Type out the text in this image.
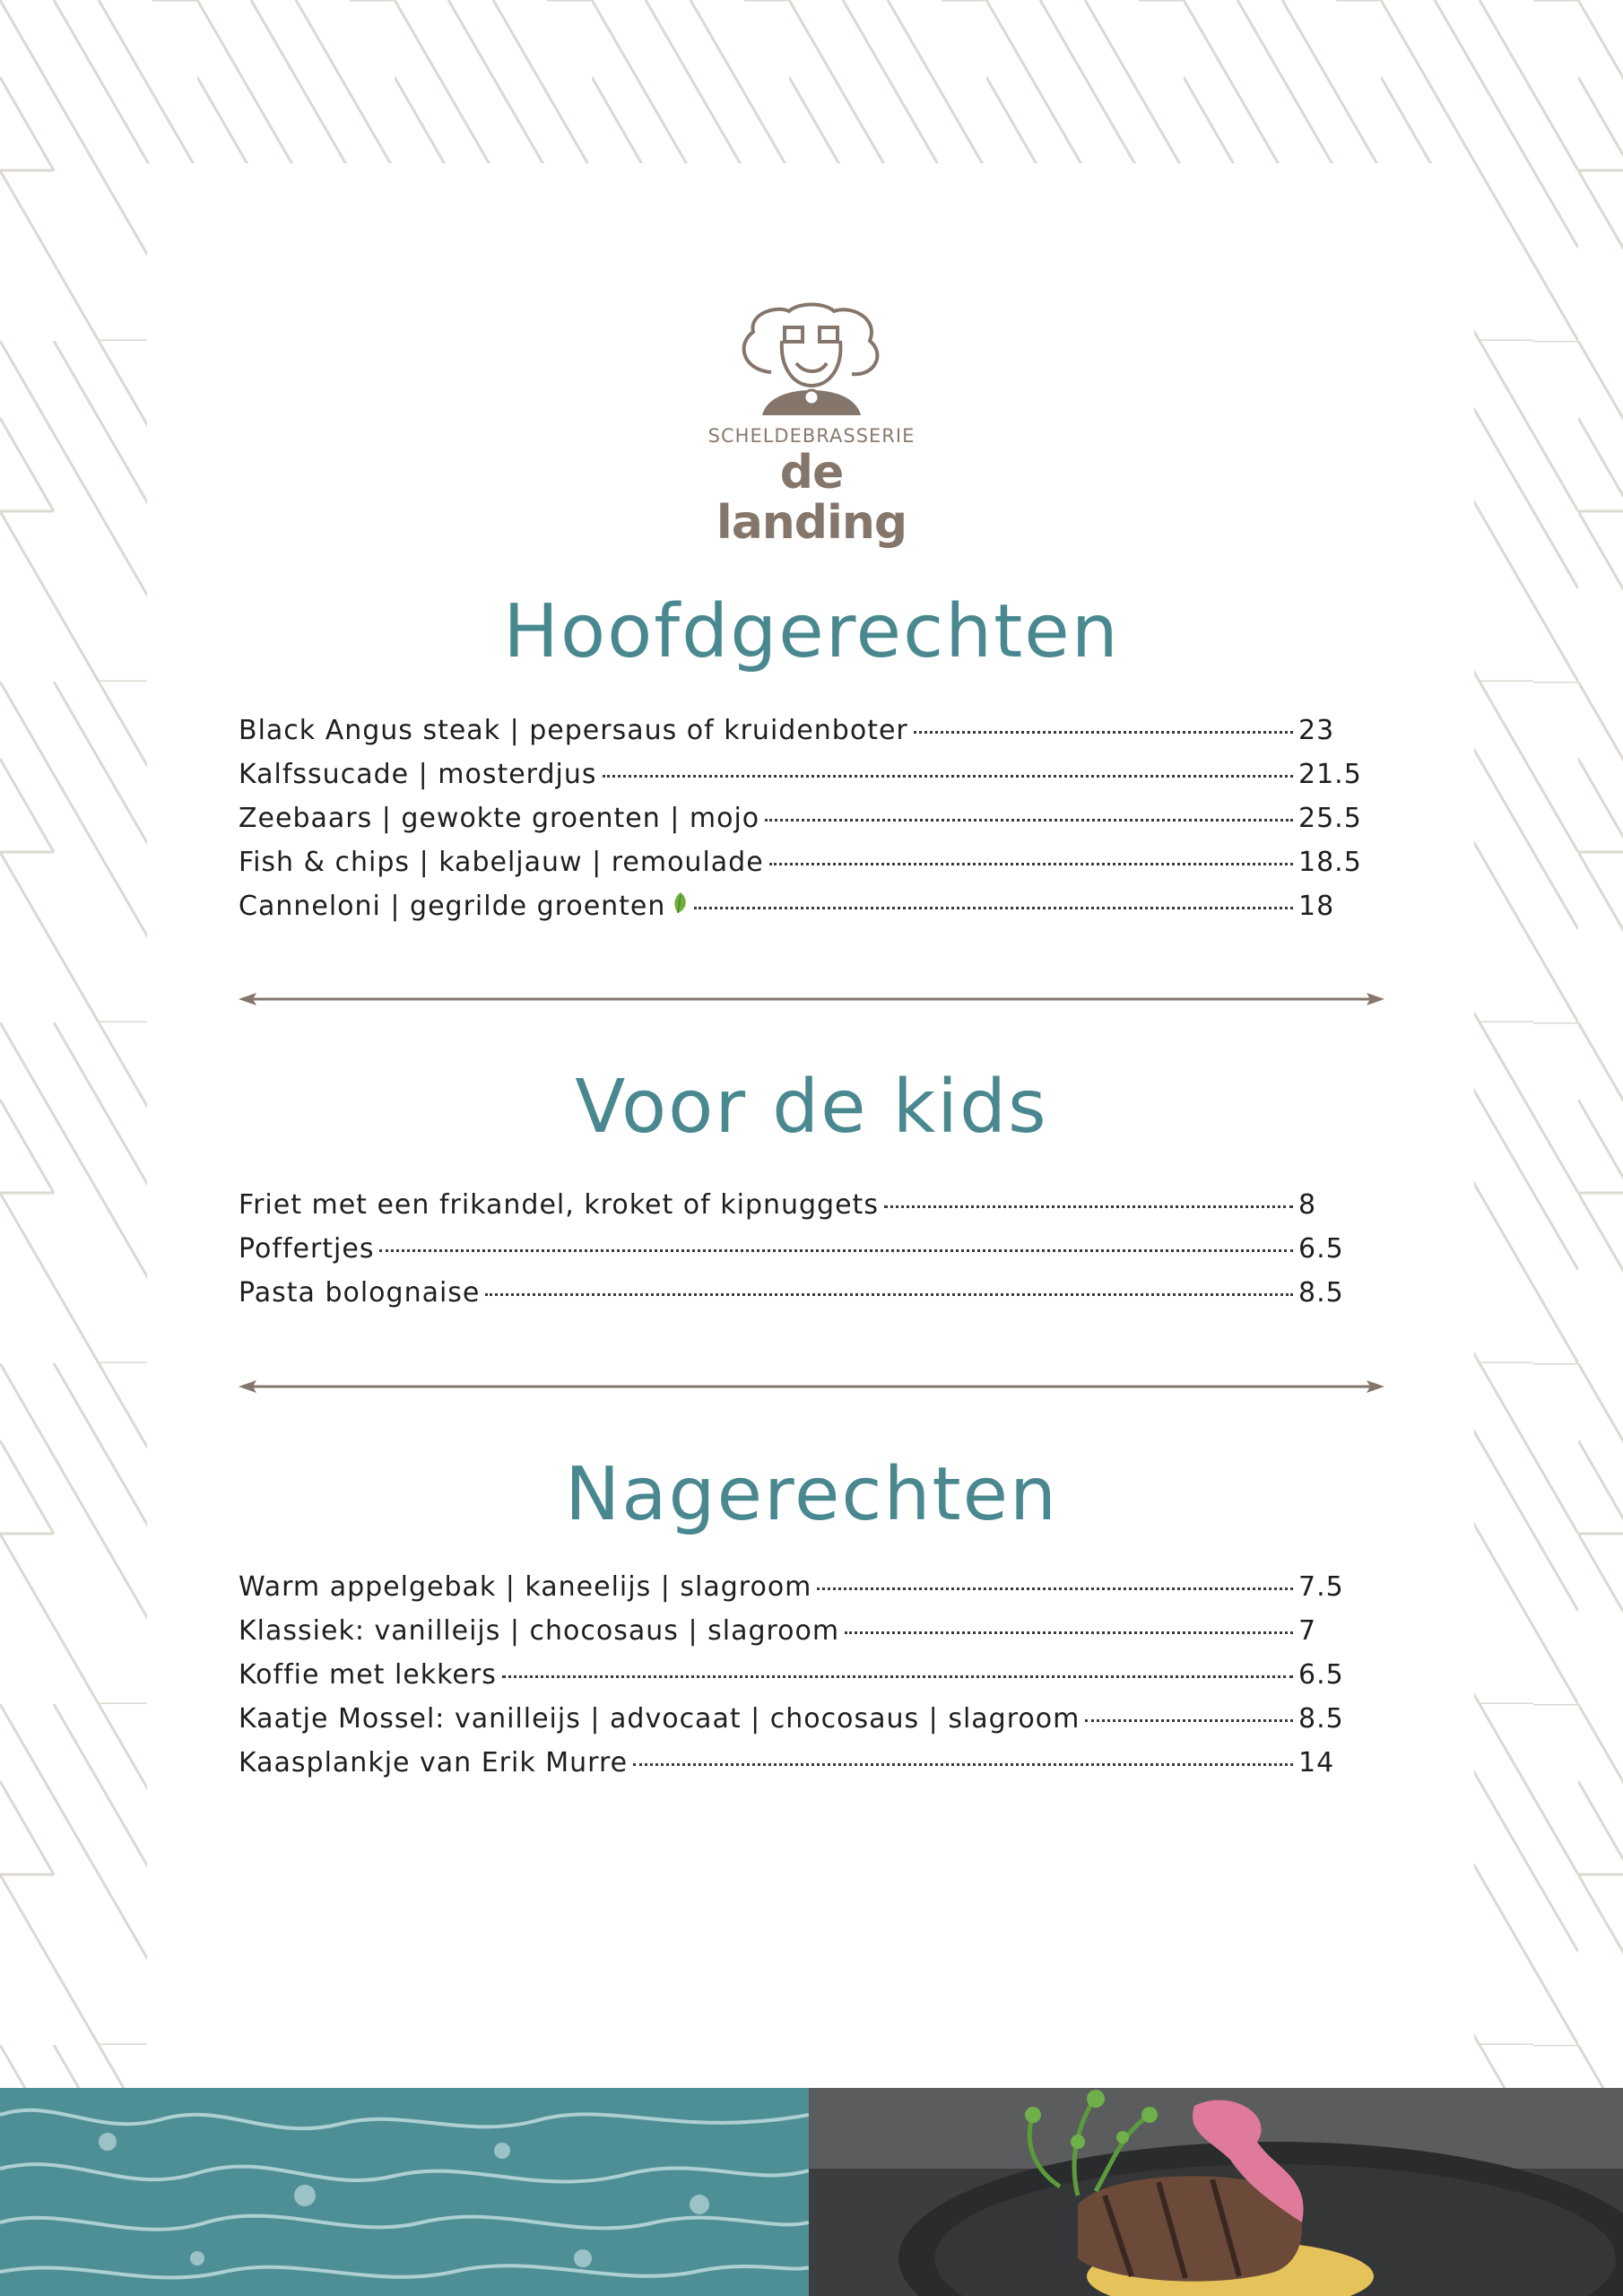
SCHELDEBRASSERIE
de landing
Hoofdgerechten
Black Angus steak | pepersaus of kruidenboter	23
Kalfssucade | mosterdjus	21.5
Zeebaars | gewokte groenten | mojo	25.5
Fish & chips | kabeljauw | remoulade	18.5
Canneloni | gegrilde groenten	18
Voor de kids
Friet met een frikandel, kroket of kipnuggets	8
Poffertjes	6.5
Pasta bolognaise	8.5
Nagerechten
Warm appelgebak | kaneelijs | slagroom	7.5
Klassiek: vanilleijs | chocosaus | slagroom	7
Koffie met lekkers	6.5
Kaatje Mossel: vanilleijs | advocaat | chocosaus | slagroom	8.5
Kaasplankje van Erik Murre	14
